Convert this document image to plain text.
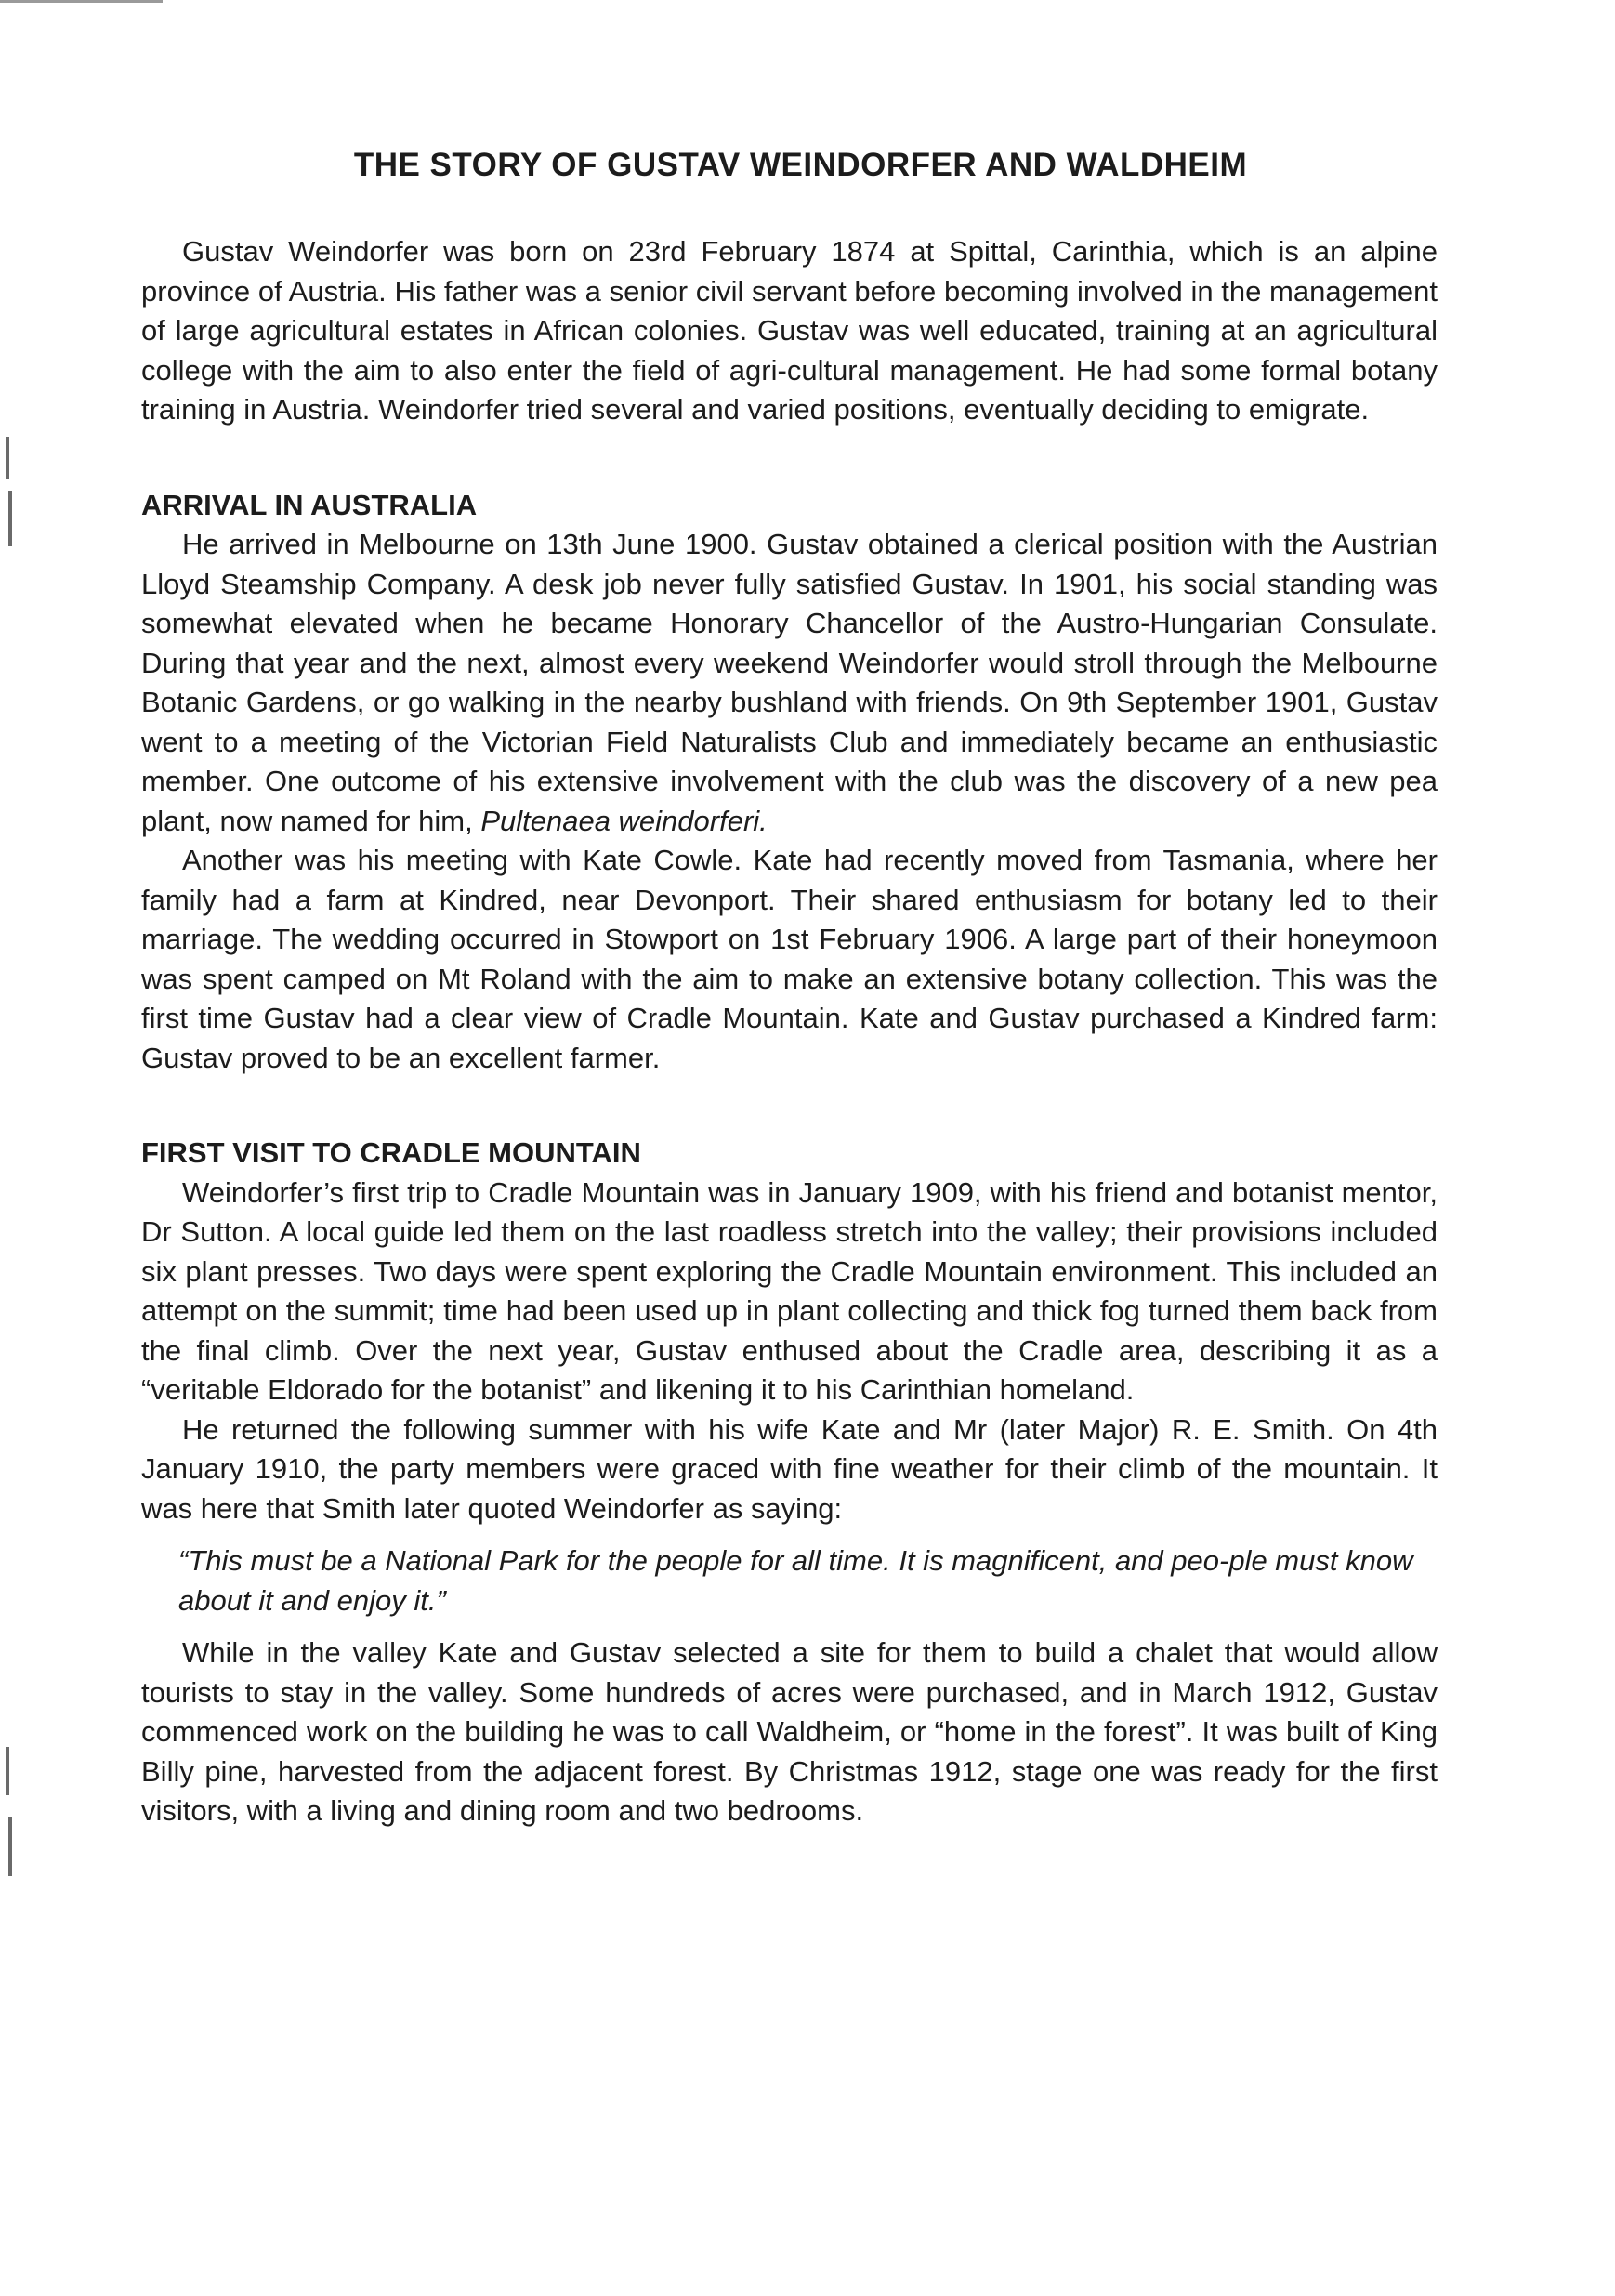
THE STORY OF GUSTAV WEINDORFER AND WALDHEIM

Gustav Weindorfer was born on 23rd February 1874 at Spittal, Carinthia, which is an alpine province of Austria. His father was a senior civil servant before becoming involved in the management of large agricultural estates in African colonies. Gustav was well educated, training at an agricultural college with the aim to also enter the field of agri-cultural management. He had some formal botany training in Austria. Weindorfer tried several and varied positions, eventually deciding to emigrate.

ARRIVAL IN AUSTRALIA

He arrived in Melbourne on 13th June 1900. Gustav obtained a clerical position with the Austrian Lloyd Steamship Company. A desk job never fully satisfied Gustav. In 1901, his social standing was somewhat elevated when he became Honorary Chancellor of the Austro-Hungarian Consulate. During that year and the next, almost every weekend Weindorfer would stroll through the Melbourne Botanic Gardens, or go walking in the nearby bushland with friends. On 9th September 1901, Gustav went to a meeting of the Victorian Field Naturalists Club and immediately became an enthusiastic member. One outcome of his extensive involvement with the club was the discovery of a new pea plant, now named for him, Pultenaea weindorferi.

Another was his meeting with Kate Cowle. Kate had recently moved from Tasmania, where her family had a farm at Kindred, near Devonport. Their shared enthusiasm for botany led to their marriage. The wedding occurred in Stowport on 1st February 1906. A large part of their honeymoon was spent camped on Mt Roland with the aim to make an extensive botany collection. This was the first time Gustav had a clear view of Cradle Mountain. Kate and Gustav purchased a Kindred farm: Gustav proved to be an excellent farmer.

FIRST VISIT TO CRADLE MOUNTAIN

Weindorfer’s first trip to Cradle Mountain was in January 1909, with his friend and botanist mentor, Dr Sutton. A local guide led them on the last roadless stretch into the valley; their provisions included six plant presses. Two days were spent exploring the Cradle Mountain environment. This included an attempt on the summit; time had been used up in plant collecting and thick fog turned them back from the final climb. Over the next year, Gustav enthused about the Cradle area, describing it as a “veritable Eldorado for the botanist” and likening it to his Carinthian homeland.

He returned the following summer with his wife Kate and Mr (later Major) R. E. Smith. On 4th January 1910, the party members were graced with fine weather for their climb of the mountain. It was here that Smith later quoted Weindorfer as saying:

“This must be a National Park for the people for all time. It is magnificent, and peo-ple must know about it and enjoy it.”

While in the valley Kate and Gustav selected a site for them to build a chalet that would allow tourists to stay in the valley. Some hundreds of acres were purchased, and in March 1912, Gustav commenced work on the building he was to call Waldheim, or “home in the forest”. It was built of King Billy pine, harvested from the adjacent forest. By Christmas 1912, stage one was ready for the first visitors, with a living and dining room and two bedrooms.
